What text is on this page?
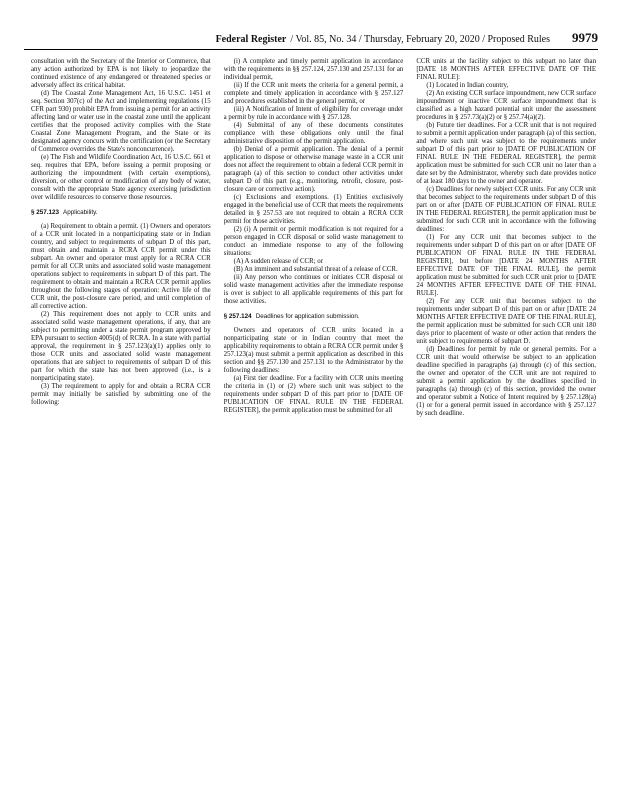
Federal Register / Vol. 85, No. 34 / Thursday, February 20, 2020 / Proposed Rules 9979

consultation with the Secretary of the Interior or Commerce, that any action authorized by EPA is not likely to jeopardize the continued existence of any endangered or threatened species or adversely affect its critical habitat.

(d) The Coastal Zone Management Act, 16 U.S.C. 1451 et seq. Section 307(c) of the Act and implementing regulations (15 CFR part 930) prohibit EPA from issuing a permit for an activity affecting land or water use in the coastal zone until the applicant certifies that the proposed activity complies with the State Coastal Zone Management Program, and the State or its designated agency concurs with the certification (or the Secretary of Commerce overrides the State's nonconcurrence).

(e) The Fish and Wildlife Coordination Act, 16 U.S.C. 661 et seq. requires that EPA, before issuing a permit proposing or authorizing the impoundment (with certain exemptions), diversion, or other control or modification of any body of water, consult with the appropriate State agency exercising jurisdiction over wildlife resources to conserve those resources.

§ 257.123 Applicability.

(a) Requirement to obtain a permit. (1) Owners and operators of a CCR unit located in a nonparticipating state or in Indian country, and subject to requirements of subpart D of this part, must obtain and maintain a RCRA CCR permit under this subpart. An owner and operator must apply for a RCRA CCR permit for all CCR units and associated solid waste management operations subject to requirements in subpart D of this part. The requirement to obtain and maintain a RCRA CCR permit applies throughout the following stages of operation: Active life of the CCR unit, the post-closure care period, and until completion of all corrective action.

(2) This requirement does not apply to CCR units and associated solid waste management operations, if any, that are subject to permitting under a state permit program approved by EPA pursuant to section 4005(d) of RCRA. In a state with partial approval, the requirement in § 257.123(a)(1) applies only to those CCR units and associated solid waste management operations that are subject to requirements of subpart D of this part for which the state has not been approved (i.e., is a nonparticipating state).

(3) The requirement to apply for and obtain a RCRA CCR permit may initially be satisfied by submitting one of the following:

(i) A complete and timely permit application in accordance with the requirements in §§ 257.124, 257.130 and 257.131 for an individual permit,

(ii) If the CCR unit meets the criteria for a general permit, a complete and timely application in accordance with § 257.127 and procedures established in the general permit, or

(iii) A Notification of Intent of eligibility for coverage under a permit by rule in accordance with § 257.128.

(4) Submittal of any of these documents constitutes compliance with these obligations only until the final administrative disposition of the permit application.

(b) Denial of a permit application. The denial of a permit application to dispose or otherwise manage waste in a CCR unit does not affect the requirement to obtain a federal CCR permit in paragraph (a) of this section to conduct other activities under subpart D of this part (e.g., monitoring, retrofit, closure, post-closure care or corrective action).

(c) Exclusions and exemptions. (1) Entities exclusively engaged in the beneficial use of CCR that meets the requirements detailed in § 257.53 are not required to obtain a RCRA CCR permit for those activities.

(2) (i) A permit or permit modification is not required for a person engaged in CCR disposal or solid waste management to conduct an immediate response to any of the following situations:

(A) A sudden release of CCR; or

(B) An imminent and substantial threat of a release of CCR.

(ii) Any person who continues or initiates CCR disposal or solid waste management activities after the immediate response is over is subject to all applicable requirements of this part for those activities.

§ 257.124 Deadlines for application submission.

Owners and operators of CCR units located in a nonparticipating state or in Indian country that meet the applicability requirements to obtain a RCRA CCR permit under § 257.123(a) must submit a permit application as described in this section and §§ 257.130 and 257.131 to the Administrator by the following deadlines:

(a) First tier deadline. For a facility with CCR units meeting the criteria in (1) or (2) where such unit was subject to the requirements under subpart D of this part prior to [DATE OF PUBLICATION OF FINAL RULE IN THE FEDERAL REGISTER], the permit application must be submitted for all

CCR units at the facility subject to this subpart no later than [DATE 18 MONTHS AFTER EFFECTIVE DATE OF THE FINAL RULE]:

(1) Located in Indian country,

(2) An existing CCR surface impoundment, new CCR surface impoundment or inactive CCR surface impoundment that is classified as a high hazard potential unit under the assessment procedures in § 257.73(a)(2) or § 257.74(a)(2).

(b) Future tier deadlines. For a CCR unit that is not required to submit a permit application under paragraph (a) of this section, and where such unit was subject to the requirements under subpart D of this part prior to [DATE OF PUBLICATION OF FINAL RULE IN THE FEDERAL REGISTER], the permit application must be submitted for such CCR unit no later than a date set by the Administrator, whereby such date provides notice of at least 180 days to the owner and operator.

(c) Deadlines for newly subject CCR units. For any CCR unit that becomes subject to the requirements under subpart D of this part on or after [DATE OF PUBLICATION OF FINAL RULE IN THE FEDERAL REGISTER], the permit application must be submitted for such CCR unit in accordance with the following deadlines:

(1) For any CCR unit that becomes subject to the requirements under subpart D of this part on or after [DATE OF PUBLICATION OF FINAL RULE IN THE FEDERAL REGISTER], but before [DATE 24 MONTHS AFTER EFFECTIVE DATE OF THE FINAL RULE], the permit application must be submitted for such CCR unit prior to [DATE 24 MONTHS AFTER EFFECTIVE DATE OF THE FINAL RULE].

(2) For any CCR unit that becomes subject to the requirements under subpart D of this part on or after [DATE 24 MONTHS AFTER EFFECTIVE DATE OF THE FINAL RULE], the permit application must be submitted for such CCR unit 180 days prior to placement of waste or other action that renders the unit subject to requirements of subpart D.

(d) Deadlines for permit by rule or general permits. For a CCR unit that would otherwise be subject to an application deadline specified in paragraphs (a) through (c) of this section, the owner and operator of the CCR unit are not required to submit a permit application by the deadlines specified in paragraphs (a) through (c) of this section, provided the owner and operator submit a Notice of Intent required by § 257.128(a)(1) or for a general permit issued in accordance with § 257.127 by such deadline.
